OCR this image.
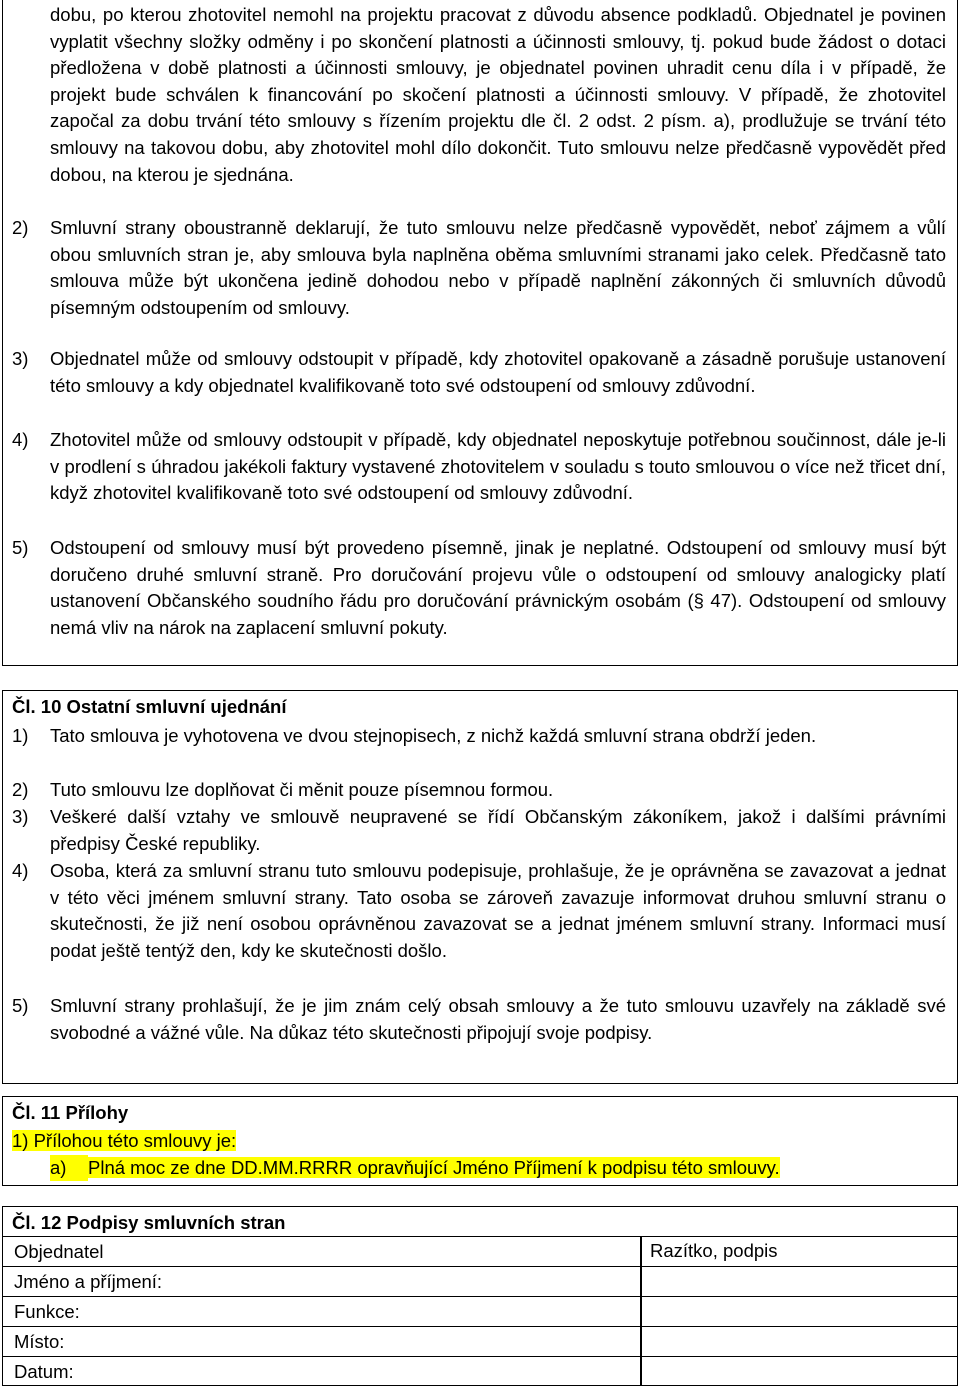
dobu, po kterou zhotovitel nemohl na projektu pracovat z důvodu absence podkladů. Objednatel je povinen vyplatit všechny složky odměny i po skončení platnosti a účinnosti smlouvy, tj. pokud bude žádost o dotaci předložena v době platnosti a účinnosti smlouvy, je objednatel povinen uhradit cenu díla i v případě, že projekt bude schválen k financování po skočení platnosti a účinnosti smlouvy. V případě, že zhotovitel započal za dobu trvání této smlouvy s řízením projektu dle čl. 2 odst. 2 písm. a), prodlužuje se trvání této smlouvy na takovou dobu, aby zhotovitel mohl dílo dokončit. Tuto smlouvu nelze předčasně vypovědět před dobou, na kterou je sjednána.

2)	Smluvní strany oboustranně deklarují, že tuto smlouvu nelze předčasně vypovědět, neboť zájmem a vůlí obou smluvních stran je, aby smlouva byla naplněna oběma smluvními stranami jako celek. Předčasně tato smlouva může být ukončena jedině dohodou nebo v případě naplnění zákonných či smluvních důvodů písemným odstoupením od smlouvy.
3)	Objednatel může od smlouvy odstoupit v případě, kdy zhotovitel opakovaně a zásadně porušuje ustanovení této smlouvy a kdy objednatel kvalifikovaně toto své odstoupení od smlouvy zdůvodní.
4)	Zhotovitel může od smlouvy odstoupit v případě, kdy objednatel neposkytuje potřebnou součinnost, dále je-li v prodlení s úhradou jakékoli faktury vystavené zhotovitelem v souladu s touto smlouvou o více než třicet dní, když zhotovitel kvalifikovaně toto své odstoupení od smlouvy zdůvodní.
5)	Odstoupení od smlouvy musí být provedeno písemně, jinak je neplatné. Odstoupení od smlouvy musí být doručeno druhé smluvní straně. Pro doručování projevu vůle o odstoupení od smlouvy analogicky platí ustanovení Občanského soudního řádu pro doručování právnickým osobám (§ 47). Odstoupení od smlouvy nemá vliv na nárok na zaplacení smluvní pokuty.
Čl. 10 Ostatní smluvní ujednání
1)	Tato smlouva je vyhotovena ve dvou stejnopisech, z nichž každá smluvní strana obdrží jeden.
2)	Tuto smlouvu lze doplňovat či měnit pouze písemnou formou.
3)	Veškeré další vztahy ve smlouvě neupravené se řídí Občanským zákoníkem, jakož i dalšími právními předpisy České republiky.
4)	Osoba, která za smluvní stranu tuto smlouvu podepisuje, prohlašuje, že je oprávněna se zavazovat a jednat v této věci jménem smluvní strany. Tato osoba se zároveň zavazuje informovat druhou smluvní stranu o skutečnosti, že již není osobou oprávněnou zavazovat se a jednat jménem smluvní strany. Informaci musí podat ještě tentýž den, kdy ke skutečnosti došlo.
5)	Smluvní strany prohlašují, že je jim znám celý obsah smlouvy a že tuto smlouvu uzavřely na základě své svobodné a vážné vůle. Na důkaz této skutečnosti připojují svoje podpisy.
Čl. 11 Přílohy
1) Přílohou této smlouvy je:
a) Plná moc ze dne DD.MM.RRRR opravňující Jméno Příjmení k podpisu této smlouvy.
Čl. 12 Podpisy smluvních stran
Objednatel	Razítko, podpis
Jméno a příjmení:
Funkce:
Místo:
Datum:
